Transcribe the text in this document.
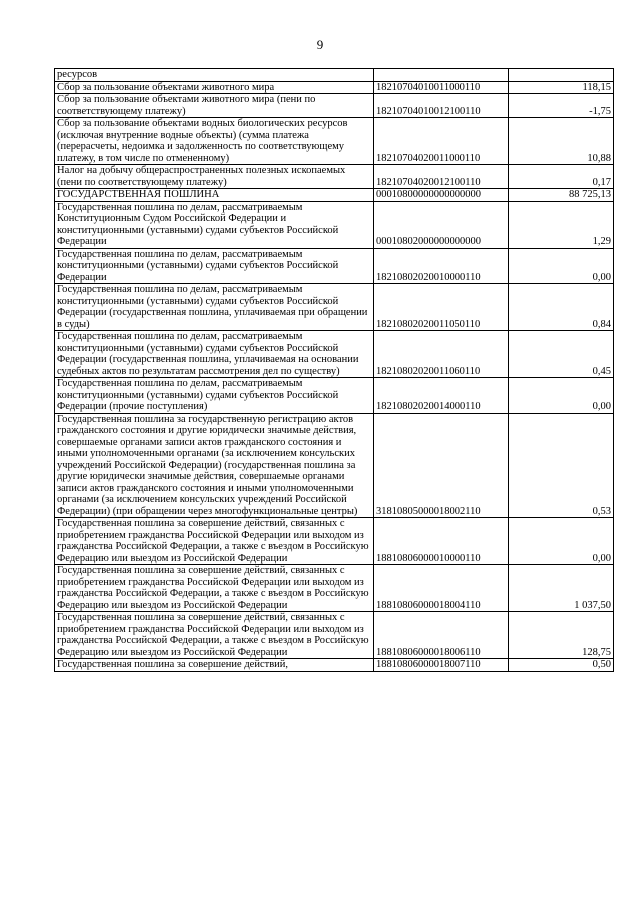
9
ресурсов		
Сбор за пользование объектами животного мира	18210704010011000110	118,15
Сбор за пользование объектами животного мира (пени по соответствующему платежу)	18210704010012100110	-1,75
Сбор за пользование объектами водных биологических ресурсов (исключая внутренние водные объекты) (сумма платежа (перерасчеты, недоимка и задолженность по соответствующему платежу, в том числе по отмененному)	18210704020011000110	10,88
Налог на добычу общераспространенных полезных ископаемых (пени по соответствующему платежу)	18210704020012100110	0,17
ГОСУДАРСТВЕННАЯ ПОШЛИНА	00010800000000000000	88 725,13
Государственная пошлина по делам, рассматриваемым Конституционным Судом Российской Федерации и конституционными (уставными) судами субъектов Российской Федерации	00010802000000000000	1,29
Государственная пошлина по делам, рассматриваемым конституционными (уставными) судами субъектов Российской Федерации	18210802020010000110	0,00
Государственная пошлина по делам, рассматриваемым конституционными (уставными) судами субъектов Российской Федерации (государственная пошлина, уплачиваемая при обращении в суды)	18210802020011050110	0,84
Государственная пошлина по делам, рассматриваемым конституционными (уставными) судами субъектов Российской Федерации (государственная пошлина, уплачиваемая на основании судебных актов по результатам рассмотрения дел по существу)	18210802020011060110	0,45
Государственная пошлина по делам, рассматриваемым конституционными (уставными) судами субъектов Российской Федерации (прочие поступления)	18210802020014000110	0,00
Государственная пошлина за государственную регистрацию актов гражданского состояния и другие юридически значимые действия, совершаемые органами записи актов гражданского состояния и иными уполномоченными органами (за исключением консульских учреждений Российской Федерации) (государственная пошлина за другие юридически значимые действия, совершаемые органами записи актов гражданского состояния и иными уполномоченными органами (за исключением консульских учреждений Российской Федерации) (при обращении через многофункциональные центры)	31810805000018002110	0,53
Государственная пошлина за совершение действий, связанных с приобретением гражданства Российской Федерации или выходом из гражданства Российской Федерации, а также с въездом в Российскую Федерацию или выездом из Российской Федерации	18810806000010000110	0,00
Государственная пошлина за совершение действий, связанных с приобретением гражданства Российской Федерации или выходом из гражданства Российской Федерации, а также с въездом в Российскую Федерацию или выездом из Российской Федерации	18810806000018004110	1 037,50
Государственная пошлина за совершение действий, связанных с приобретением гражданства Российской Федерации или выходом из гражданства Российской Федерации, а также с въездом в Российскую Федерацию или выездом из Российской Федерации	18810806000018006110	128,75
Государственная пошлина за совершение действий,	18810806000018007110	0,50
